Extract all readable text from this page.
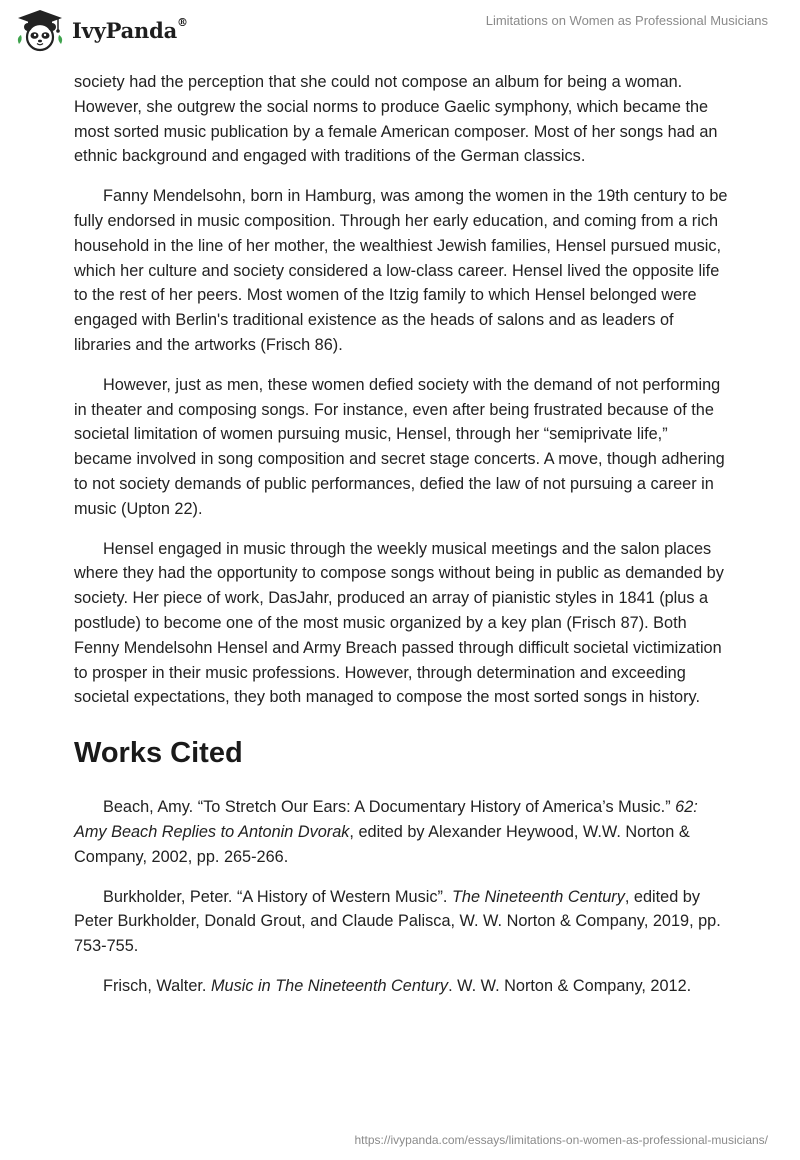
IvyPanda®	Limitations on Women as Professional Musicians

society had the perception that she could not compose an album for being a woman. However, she outgrew the social norms to produce Gaelic symphony, which became the most sorted music publication by a female American composer. Most of her songs had an ethnic background and engaged with traditions of the German classics.

Fanny Mendelsohn, born in Hamburg, was among the women in the 19th century to be fully endorsed in music composition. Through her early education, and coming from a rich household in the line of her mother, the wealthiest Jewish families, Hensel pursued music, which her culture and society considered a low-class career. Hensel lived the opposite life to the rest of her peers. Most women of the Itzig family to which Hensel belonged were engaged with Berlin's traditional existence as the heads of salons and as leaders of libraries and the artworks (Frisch 86).

However, just as men, these women defied society with the demand of not performing in theater and composing songs. For instance, even after being frustrated because of the societal limitation of women pursuing music, Hensel, through her “semiprivate life,” became involved in song composition and secret stage concerts. A move, though adhering to not society demands of public performances, defied the law of not pursuing a career in music (Upton 22).

Hensel engaged in music through the weekly musical meetings and the salon places where they had the opportunity to compose songs without being in public as demanded by society. Her piece of work, DasJahr, produced an array of pianistic styles in 1841 (plus a postlude) to become one of the most music organized by a key plan (Frisch 87). Both Fenny Mendelsohn Hensel and Army Breach passed through difficult societal victimization to prosper in their music professions. However, through determination and exceeding societal expectations, they both managed to compose the most sorted songs in history.

Works Cited

Beach, Amy. “To Stretch Our Ears: A Documentary History of America’s Music.” 62: Amy Beach Replies to Antonin Dvorak, edited by Alexander Heywood, W.W. Norton & Company, 2002, pp. 265-266.

Burkholder, Peter. “A History of Western Music”. The Nineteenth Century, edited by Peter Burkholder, Donald Grout, and Claude Palisca, W. W. Norton & Company, 2019, pp. 753-755.

Frisch, Walter. Music in The Nineteenth Century. W. W. Norton & Company, 2012.

https://ivypanda.com/essays/limitations-on-women-as-professional-musicians/
